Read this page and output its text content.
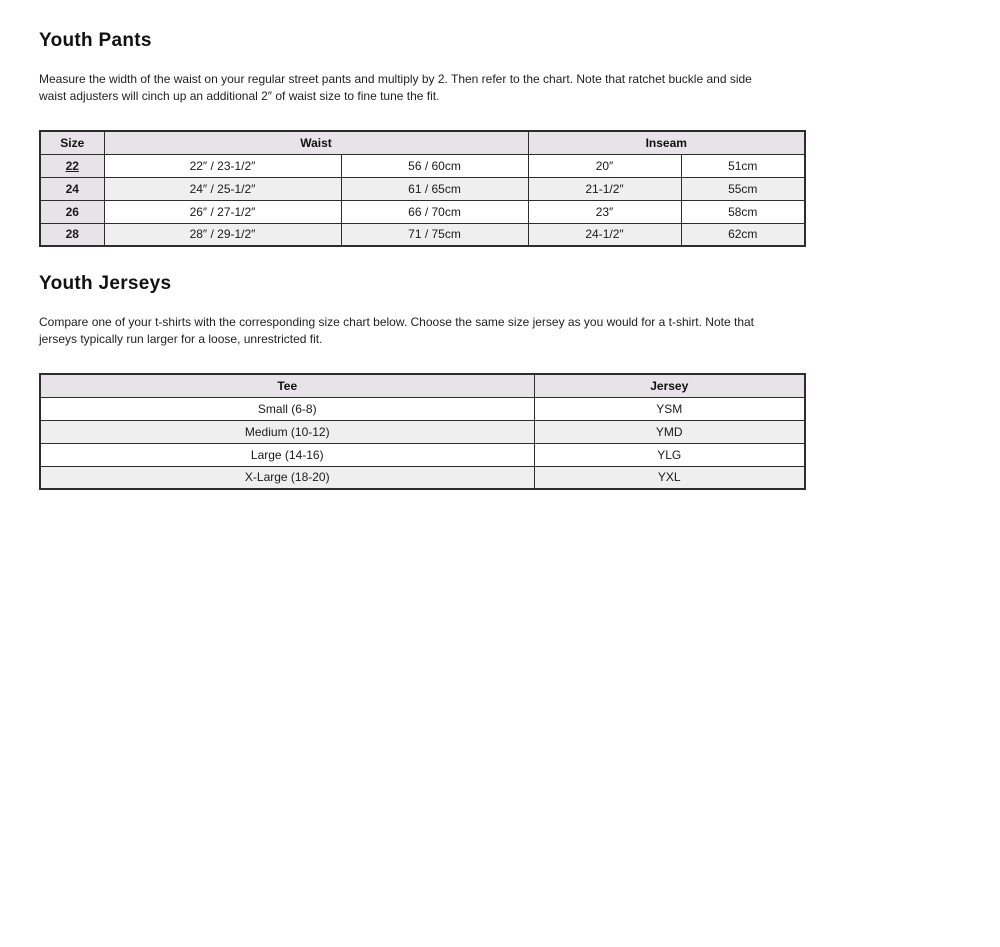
Youth Pants

Measure the width of the waist on your regular street pants and multiply by 2. Then refer to the chart. Note that ratchet buckle and side waist adjusters will cinch up an additional 2″ of waist size to fine tune the fit.

Size	Waist		Inseam	
22	22″ / 23-1/2″	56 / 60cm	20″	51cm
24	24″ / 25-1/2″	61 / 65cm	21-1/2″	55cm
26	26″ / 27-1/2″	66 / 70cm	23″	58cm
28	28″ / 29-1/2″	71 / 75cm	24-1/2″	62cm
Youth Jerseys

Compare one of your t-shirts with the corresponding size chart below. Choose the same size jersey as you would for a t-shirt. Note that jerseys typically run larger for a loose, unrestricted fit.

Tee	Jersey
Small (6-8)	YSM
Medium (10-12)	YMD
Large (14-16)	YLG
X-Large (18-20)	YXL
